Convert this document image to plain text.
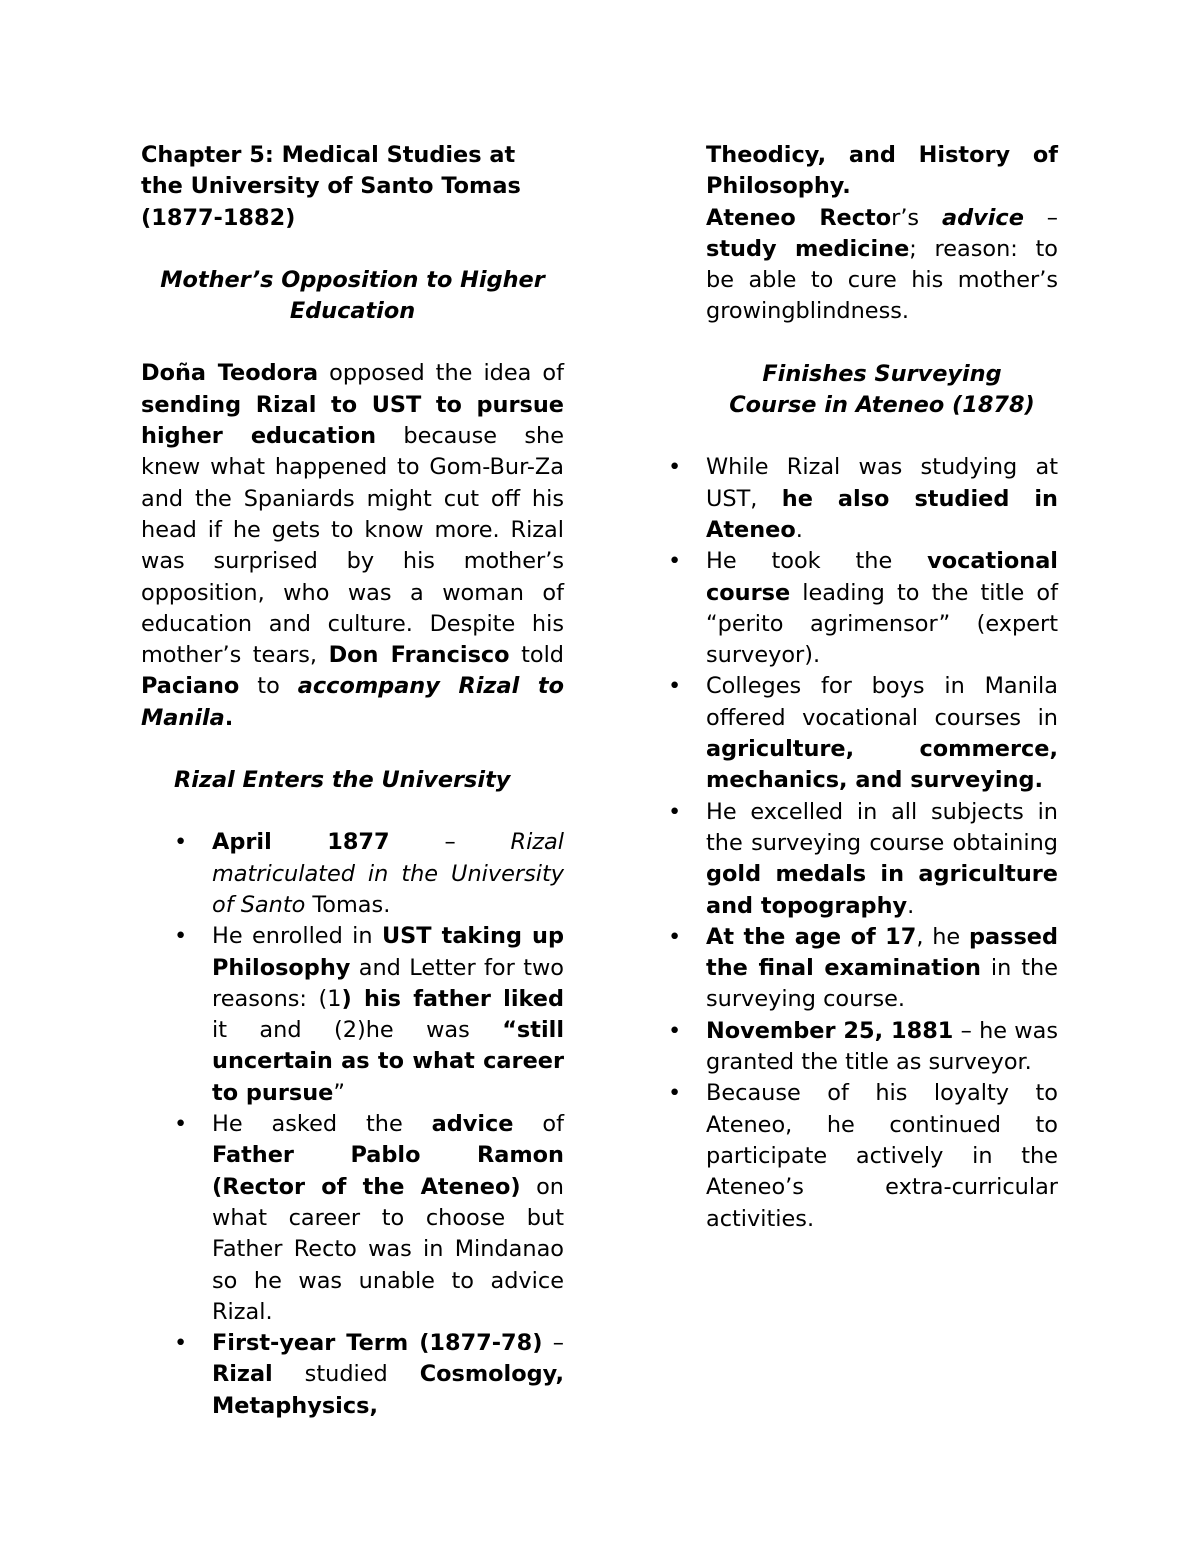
Chapter 5: Medical Studies at
the University of Santo Tomas
(1877-1882)

Mother’s Opposition to Higher
Education

Doña Teodora opposed the idea of sending Rizal to UST to pursue higher education because she knew what happened to Gom-Bur-Za and the Spaniards might cut off his head if he gets to know more. Rizal was surprised by his mother’s opposition, who was a woman of education and culture. Despite his mother’s tears, Don Francisco told Paciano to accompany Rizal to Manila.

Rizal Enters the University

• April 1877 – Rizal matriculated in the University of Santo Tomas.
• He enrolled in UST taking up Philosophy and Letter for two reasons: (1) his father liked it and (2)he was “still uncertain as to what career to pursue”
• He asked the advice of Father Pablo Ramon (Rector of the Ateneo) on what career to choose but Father Recto was in Mindanao so he was unable to advice Rizal.
• First-year Term (1877-78) – Rizal studied Cosmology, Metaphysics,

Theodicy, and History of Philosophy.

Ateneo Rector’s advice – study medicine; reason: to be able to cure his mother’s growingblindness.

Finishes Surveying
Course in Ateneo (1878)

• While Rizal was studying at UST, he also studied in Ateneo.
• He took the vocational course leading to the title of “perito agrimensor” (expert surveyor).
• Colleges for boys in Manila offered vocational courses in agriculture, commerce, mechanics, and surveying.
• He excelled in all subjects in the surveying course obtaining gold medals in agriculture and topography.
• At the age of 17, he passed the final examination in the surveying course.
• November 25, 1881 – he was granted the title as surveyor.
• Because of his loyalty to Ateneo, he continued to participate actively in the Ateneo’s extra-curricular activities.
